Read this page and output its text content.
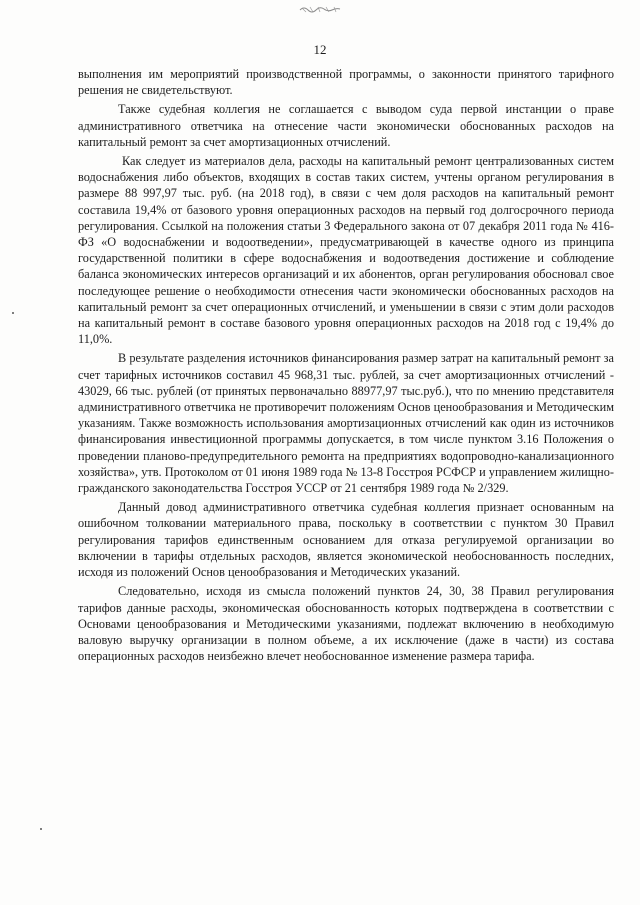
12

выполнения им мероприятий производственной программы, о законности принятого тарифного решения не свидетельствуют.

Также судебная коллегия не соглашается с выводом суда первой инстанции о праве административного ответчика на отнесение части экономически обоснованных расходов на капитальный ремонт за счет амортизационных отчислений.

Как следует из материалов дела, расходы на капитальный ремонт централизованных систем водоснабжения либо объектов, входящих в состав таких систем, учтены органом регулирования в размере 88 997,97 тыс. руб. (на 2018 год), в связи с чем доля расходов на капитальный ремонт составила 19,4% от базового уровня операционных расходов на первый год долгосрочного периода регулирования. Ссылкой на положения статьи 3 Федерального закона от 07 декабря 2011 года № 416-ФЗ «О водоснабжении и водоотведении», предусматривающей в качестве одного из принципа государственной политики в сфере водоснабжения и водоотведения достижение и соблюдение баланса экономических интересов организаций и их абонентов, орган регулирования обосновал свое последующее решение о необходимости отнесения части экономически обоснованных расходов на капитальный ремонт за счет операционных отчислений, и уменьшении в связи с этим доли расходов на капитальный ремонт в составе базового уровня операционных расходов на 2018 год с 19,4% до 11,0%.

В результате разделения источников финансирования размер затрат на капитальный ремонт за счет тарифных источников составил 45 968,31 тыс. рублей, за счет амортизационных отчислений - 43029, 66 тыс. рублей (от принятых первоначально 88977,97 тыс.руб.), что по мнению представителя административного ответчика не противоречит положениям Основ ценообразования и Методическим указаниям. Также возможность использования амортизационных отчислений как один из источников финансирования инвестиционной программы допускается, в том числе пунктом 3.16 Положения о проведении планово-предупредительного ремонта на предприятиях водопроводно-канализационного хозяйства», утв. Протоколом от 01 июня 1989 года № 13-8 Госстроя РСФСР и управлением жилищно-гражданского законодательства Госстроя УССР от 21 сентября 1989 года № 2/329.

Данный довод административного ответчика судебная коллегия признает основанным на ошибочном толковании материального права, поскольку в соответствии с пунктом 30 Правил регулирования тарифов единственным основанием для отказа регулируемой организации во включении в тарифы отдельных расходов, является экономической необоснованность последних, исходя из положений Основ ценообразования и Методических указаний.

Следовательно, исходя из смысла положений пунктов 24, 30, 38 Правил регулирования тарифов данные расходы, экономическая обоснованность которых подтверждена в соответствии с Основами ценообразования и Методическими указаниями, подлежат включению в необходимую валовую выручку организации в полном объеме, а их исключение (даже в части) из состава операционных расходов неизбежно влечет необоснованное изменение размера тарифа.
